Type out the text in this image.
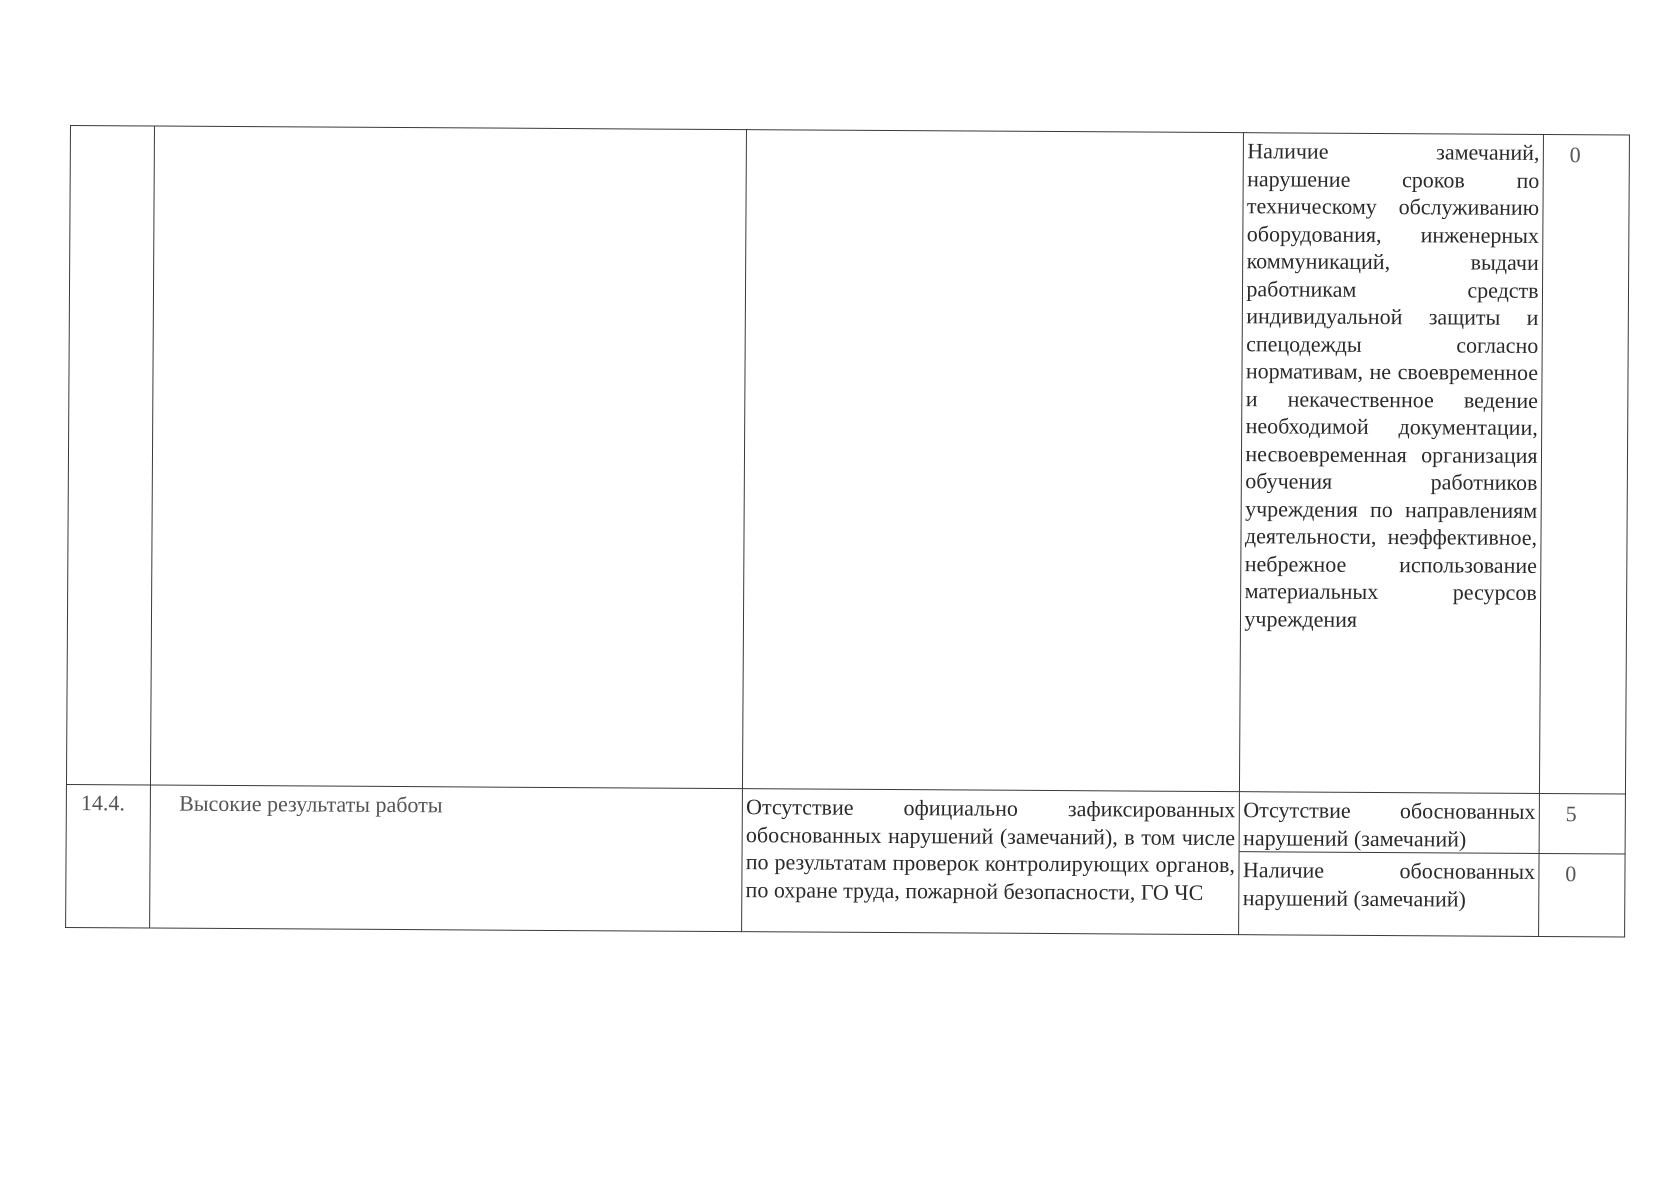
			Наличие замечаний, нарушение сроков по техническому обслуживанию оборудования, инженерных коммуникаций, выдачи работникам средств индивидуальной защиты и спецодежды согласно нормативам, не своевременное и некачественное ведение необходимой документации, несвоевременная организация обучения работников учреждения по направлениям деятельности, неэффективное, небрежное использование материальных ресурсов учреждения	0
14.4.	Высокие результаты работы	Отсутствие официально зафиксированных обоснованных нарушений (замечаний), в том числе по результатам проверок контролирующих органов, по охране труда, пожарной безопасности, ГО ЧС	Отсутствие обоснованных нарушений (замечаний)	5
			Наличие обоснованных нарушений (замечаний)	0
